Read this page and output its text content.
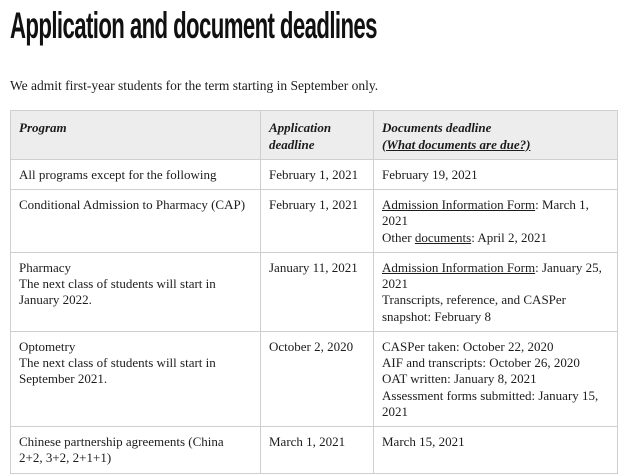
Application and document deadlines

We admit first-year students for the term starting in September only.

Program	Application deadline	Documents deadline
(What documents are due?)
All programs except for the following	February 1, 2021	February 19, 2021
Conditional Admission to Pharmacy (CAP)	February 1, 2021	Admission Information Form: March 1, 2021
Other documents: April 2, 2021
Pharmacy
The next class of students will start in January 2022.	January 11, 2021	Admission Information Form: January 25, 2021
Transcripts, reference, and CASPer snapshot: February 8
Optometry
The next class of students will start in September 2021.	October 2, 2020	CASPer taken: October 22, 2020
AIF and transcripts: October 26, 2020
OAT written: January 8, 2021
Assessment forms submitted: January 15, 2021
Chinese partnership agreements (China 2+2, 3+2, 2+1+1)	March 1, 2021	March 15, 2021
